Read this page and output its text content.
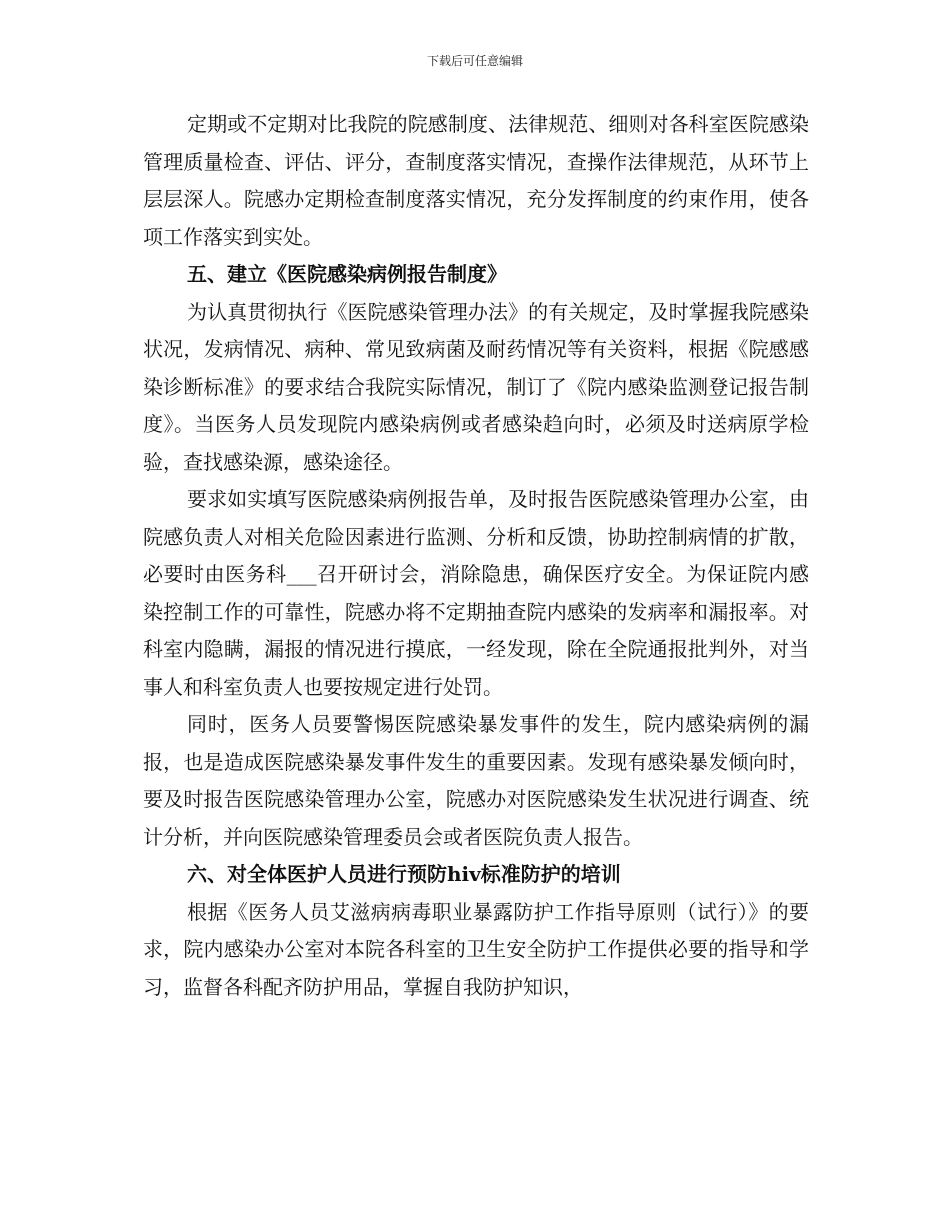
下载后可任意编辑

定期或不定期对比我院的院感制度、法律规范、细则对各科室医院感染管理质量检查、评估、评分，查制度落实情况，查操作法律规范，从环节上层层深人。院感办定期检查制度落实情况，充分发挥制度的约束作用，使各项工作落实到实处。

五、建立《医院感染病例报告制度》

为认真贯彻执行《医院感染管理办法》的有关规定，及时掌握我院感染状况，发病情况、病种、常见致病菌及耐药情况等有关资料，根据《院感感染诊断标准》的要求结合我院实际情况，制订了《院内感染监测登记报告制度》。当医务人员发现院内感染病例或者感染趋向时，必须及时送病原学检验，查找感染源，感染途径。

要求如实填写医院感染病例报告单，及时报告医院感染管理办公室，由院感负责人对相关危险因素进行监测、分析和反馈，协助控制病情的扩散，必要时由医务科___召开研讨会，消除隐患，确保医疗安全。为保证院内感染控制工作的可靠性，院感办将不定期抽查院内感染的发病率和漏报率。对科室内隐瞒，漏报的情况进行摸底，一经发现，除在全院通报批判外，对当事人和科室负责人也要按规定进行处罚。

同时，医务人员要警惕医院感染暴发事件的发生，院内感染病例的漏报，也是造成医院感染暴发事件发生的重要因素。发现有感染暴发倾向时，要及时报告医院感染管理办公室，院感办对医院感染发生状况进行调查、统计分析，并向医院感染管理委员会或者医院负责人报告。

六、对全体医护人员进行预防hiv标准防护的培训

根据《医务人员艾滋病病毒职业暴露防护工作指导原则（试行）》的要求，院内感染办公室对本院各科室的卫生安全防护工作提供必要的指导和学习，监督各科配齐防护用品，掌握自我防护知识，
